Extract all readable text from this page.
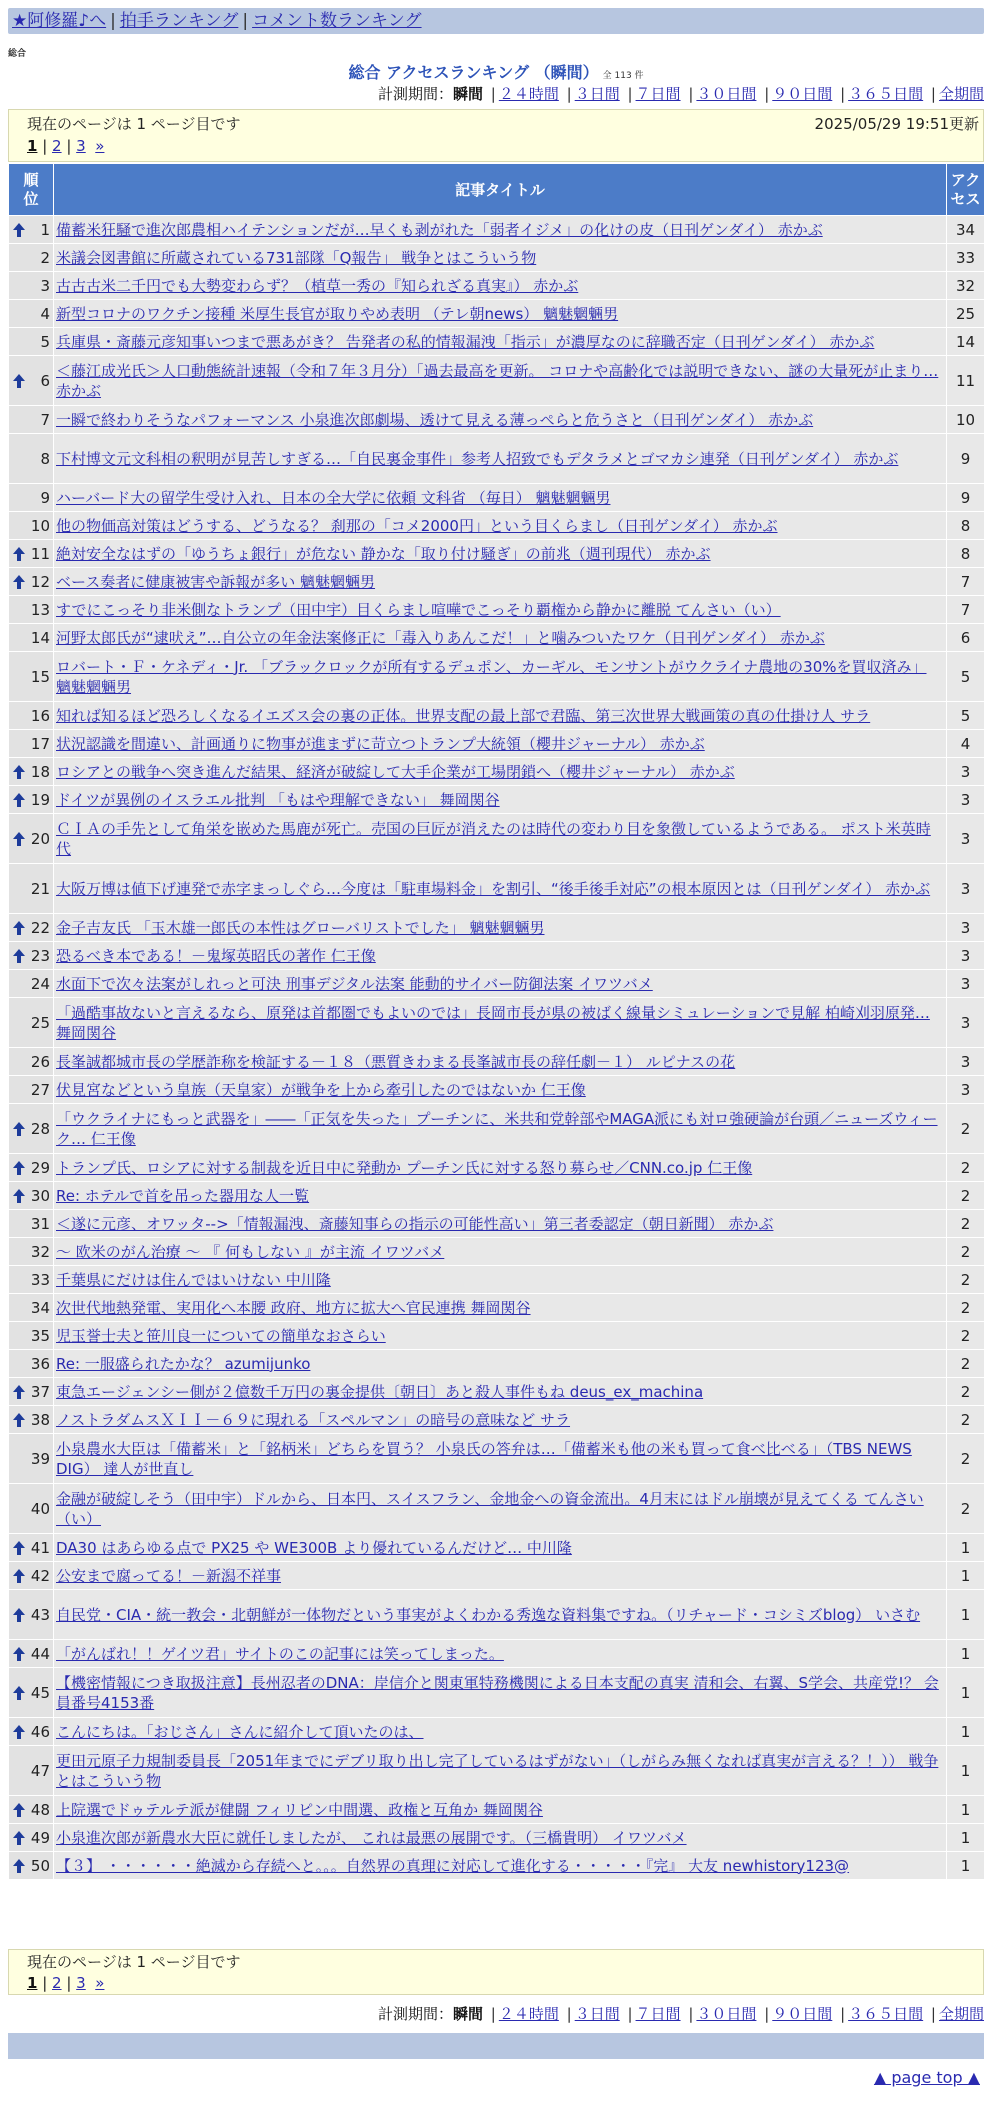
★阿修羅♪へ | 拍手ランキング | コメント数ランキング
総合
総合 アクセスランキング （瞬間） 全 113 件
計測期間：瞬間 | ２４時間 | ３日間 | ７日間 | ３０日間 | ９０日間 | ３６５日間 | 全期間
現在のページは 1 ページ目です	2025/05/29 19:51更新
1 | 2 | 3 »
順位	記事タイトル	アクセス

1	備蓄米狂騒で進次郎農相ハイテンションだが…早くも剥がれた「弱者イジメ」の化けの皮（日刊ゲンダイ） 赤かぶ	34
2	米議会図書館に所蔵されている731部隊「Q報告」 戦争とはこういう物	33
3	古古古米二千円でも大勢変わらず？（植草一秀の『知られざる真実』） 赤かぶ	32
4	新型コロナのワクチン接種 米厚生長官が取りやめ表明 （テレ朝news） 魑魅魍魎男	25
5	兵庫県・斎藤元彦知事いつまで悪あがき？ 告発者の私的情報漏洩「指示」が濃厚なのに辞職否定（日刊ゲンダイ） 赤かぶ	14

6	＜藤江成光氏＞人口動態統計速報（令和７年３月分）「過去最高を更新。 コロナや高齢化では説明できない、謎の大量死が止まり… 赤かぶ	11
7	一瞬で終わりそうなパフォーマンス 小泉進次郎劇場、透けて見える薄っぺらと危うさと（日刊ゲンダイ） 赤かぶ	10
8	下村博文元文科相の釈明が見苦しすぎる…「自民裏金事件」参考人招致でもデタラメとゴマカシ連発（日刊ゲンダイ） 赤かぶ	9
9	ハーバード大の留学生受け入れ、日本の全大学に依頼 文科省 （毎日） 魑魅魍魎男	9
10	他の物価高対策はどうする、どうなる？ 刹那の「コメ2000円」という目くらまし（日刊ゲンダイ） 赤かぶ	8

11	絶対安全なはずの「ゆうちょ銀行」が危ない 静かな「取り付け騒ぎ」の前兆（週刊現代） 赤かぶ	8

12	ベース奏者に健康被害や訴報が多い 魑魅魍魎男	7
13	すでにこっそり非米側なトランプ（田中宇）目くらまし喧嘩でこっそり覇権から静かに離脱 てんさい（い）	7
14	河野太郎氏が“逮吠え”…自公立の年金法案修正に「毒入りあんこだ！」と噛みついたワケ（日刊ゲンダイ） 赤かぶ	6
15	ロバート・Ｆ・ケネディ・Jr. 「ブラックロックが所有するデュポン、カーギル、モンサントがウクライナ農地の30%を買収済み」 魑魅魍魎男	5
16	知れば知るほど恐ろしくなるイエズス会の裏の正体。世界支配の最上部で君臨、第三次世界大戦画策の真の仕掛け人 サラ	5
17	状況認識を間違い、計画通りに物事が進まずに苛立つトランプ大統領（櫻井ジャーナル） 赤かぶ	4

18	ロシアとの戦争へ突き進んだ結果、経済が破綻して大手企業が工場閉鎖へ（櫻井ジャーナル） 赤かぶ	3

19	ドイツが異例のイスラエル批判 「もはや理解できない」 舞岡関谷	3

20	ＣＩＡの手先として角栄を嵌めた馬鹿が死亡。売国の巨匠が消えたのは時代の変わり目を象徴しているようである。 ポスト米英時代	3
21	大阪万博は値下げ連発で赤字まっしぐら…今度は「駐車場料金」を割引、“後手後手対応”の根本原因とは（日刊ゲンダイ） 赤かぶ	3

22	金子吉友氏 「玉木雄一郎氏の本性はグローバリストでした」 魑魅魍魎男	3

23	恐るべき本である！－鬼塚英昭氏の著作 仁王像	3
24	水面下で次々法案がしれっと可決 刑事デジタル法案 能動的サイバー防御法案 イワツバメ	3
25	「過酷事故ないと言えるなら、原発は首都圏でもよいのでは」長岡市長が県の被ばく線量シミュレーションで見解 柏崎刈羽原発… 舞岡関谷	3
26	長峯誠都城市長の学歴詐称を検証する－１８（悪質きわまる長峯誠市長の辞任劇－１） ルピナスの花	3
27	伏見宮などという皇族（天皇家）が戦争を上から牽引したのではないか 仁王像	3

28	「ウクライナにもっと武器を」――「正気を失った」プーチンに、米共和党幹部やMAGA派にも対ロ強硬論が台頭／ニューズウィーク… 仁王像	2

29	トランプ氏、ロシアに対する制裁を近日中に発動か プーチン氏に対する怒り募らせ／CNN.co.jp 仁王像	2

30	Re: ホテルで首を吊った器用な人一覧	2
31	＜遂に元彦、オワッタ-->「情報漏洩、斎藤知事らの指示の可能性高い」第三者委認定（朝日新聞） 赤かぶ	2
32	〜 欧米のがん治療 〜 『 何もしない 』が主流 イワツバメ	2
33	千葉県にだけは住んではいけない 中川隆	2
34	次世代地熱発電、実用化へ本腰 政府、地方に拡大へ官民連携 舞岡関谷	2
35	児玉誉士夫と笹川良一についての簡単なおさらい	2
36	Re: 一服盛られたかな？ azumijunko	2

37	東急エージェンシー側が２億数千万円の裏金提供〔朝日〕あと殺人事件もね deus_ex_machina	2

38	ノストラダムスＸＩＩ－６９に現れる「スペルマン」の暗号の意味など サラ	2
39	小泉農水大臣は「備蓄米」と「銘柄米」どちらを買う？ 小泉氏の答弁は…「備蓄米も他の米も買って食べ比べる」（TBS NEWS DIG） 達人が世直し	2
40	金融が破綻しそう（田中宇）ドルから、日本円、スイスフラン、金地金への資金流出。4月末にはドル崩壊が見えてくる てんさい（い）	2

41	DA30 はあらゆる点で PX25 や WE300B より優れているんだけど… 中川隆	1

42	公安まで腐ってる！－新潟不祥事	1

43	自民党・CIA・統一教会・北朝鮮が一体物だという事実がよくわかる秀逸な資料集ですね。（リチャード・コシミズblog） いさむ	1

44	「がんばれ！！ゲイツ君」サイトのこの記事には笑ってしまった。	1

45	【機密情報につき取扱注意】長州忍者のDNA：岸信介と関東軍特務機関による日本支配の真実 清和会、右翼、S学会、共産党!？ 会員番号4153番	1

46	こんにちは。「おじさん」さんに紹介して頂いたのは、	1
47	更田元原子力規制委員長「2051年までにデブリ取り出し完了しているはずがない」（しがらみ無くなれば真実が言える？！）） 戦争とはこういう物	1

48	上院選でドゥテルテ派が健闘 フィリピン中間選、政権と互角か 舞岡関谷	1

49	小泉進次郎が新農水大臣に就任しましたが、 これは最悪の展開です。（三橋貴明） イワツバメ	1

50	【３】 ・・・・・・絶滅から存続へと。。。自然界の真理に対応して進化する・・・・・『完』 大友 newhistory123@	1
現在のページは 1 ページ目です
1 | 2 | 3 »
計測期間：瞬間 | ２４時間 | ３日間 | ７日間 | ３０日間 | ９０日間 | ３６５日間 | 全期間
▲ page top ▲
